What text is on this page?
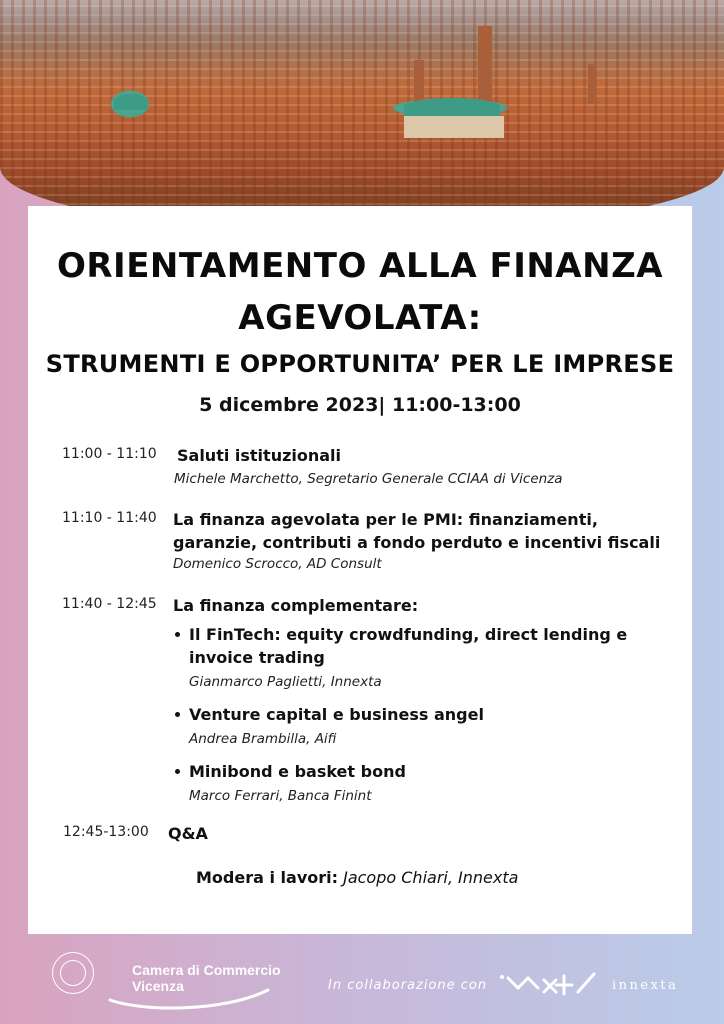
ORIENTAMENTO ALLA FINANZA
AGEVOLATA:
STRUMENTI E OPPORTUNITA’ PER LE IMPRESE

5 dicembre 2023| 11:00-13:00

11:00 - 11:10 Saluti istituzionali
Michele Marchetto, Segretario Generale CCIAA di Vicenza
11:10 - 11:40 La finanza agevolata per le PMI: finanziamenti, garanzie, contributi a fondo perduto e incentivi fiscali
Domenico Scrocco, AD Consult
11:40 - 12:45 La finanza complementare:
Il FinTech: equity crowdfunding, direct lending e invoice trading
Gianmarco Paglietti, Innexta
Venture capital e business angel
Andrea Brambilla, Aifi
Minibond e basket bond
Marco Ferrari, Banca Finint
12:45-13:00 Q&A
Modera i lavori: Jacopo Chiari, Innexta
Camera di Commercio
Vicenza	In collaborazione con	innexta
